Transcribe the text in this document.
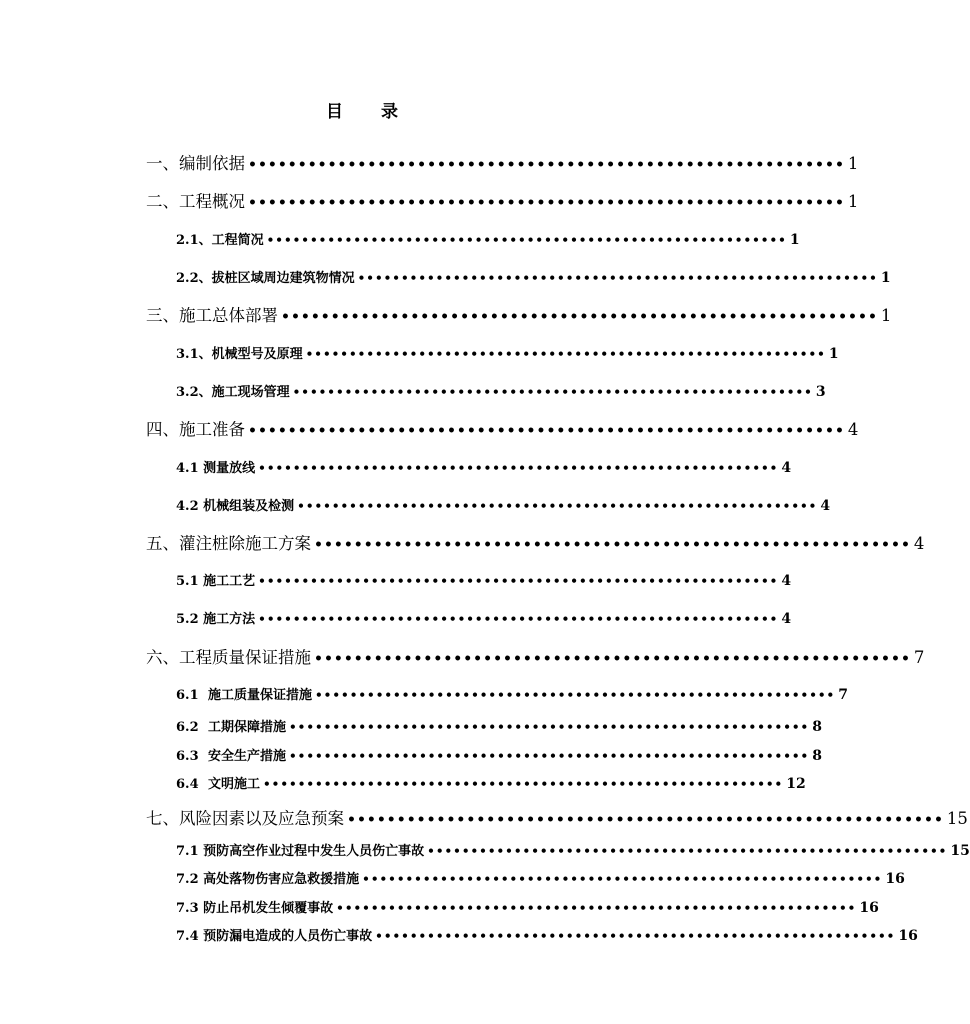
目 录
一、编制依据 •••••••••••••••••••••••••••••••••••••••••••••••••••••••••••• 1
二、工程概况 •••••••••••••••••••••••••••••••••••••••••••••••••••••••••••• 1
2.1、工程简况 •••••••••••••••••••••••••••••••••••••••••••••••••••••••••••• 1
2.2、拔桩区域周边建筑物情况 •••••••••••••••••••••••••••••••••••••••••••••••••••••••••••• 1
三、施工总体部署 •••••••••••••••••••••••••••••••••••••••••••••••••••••••••••• 1
3.1、机械型号及原理 •••••••••••••••••••••••••••••••••••••••••••••••••••••••••••• 1
3.2、施工现场管理 •••••••••••••••••••••••••••••••••••••••••••••••••••••••••••• 3
四、施工准备 •••••••••••••••••••••••••••••••••••••••••••••••••••••••••••• 4
4.1 测量放线 •••••••••••••••••••••••••••••••••••••••••••••••••••••••••••• 4
4.2 机械组装及检测 •••••••••••••••••••••••••••••••••••••••••••••••••••••••••••• 4
五、灌注桩除施工方案 •••••••••••••••••••••••••••••••••••••••••••••••••••••••••••• 4
5.1 施工工艺 •••••••••••••••••••••••••••••••••••••••••••••••••••••••••••• 4
5.2 施工方法 •••••••••••••••••••••••••••••••••••••••••••••••••••••••••••• 4
六、工程质量保证措施 •••••••••••••••••••••••••••••••••••••••••••••••••••••••••••• 7
6.1 施工质量保证措施 •••••••••••••••••••••••••••••••••••••••••••••••••••••••••••• 7
6.2 工期保障措施 •••••••••••••••••••••••••••••••••••••••••••••••••••••••••••• 8
6.3 安全生产措施 •••••••••••••••••••••••••••••••••••••••••••••••••••••••••••• 8
6.4 文明施工 •••••••••••••••••••••••••••••••••••••••••••••••••••••••••••• 12
七、风险因素以及应急预案 •••••••••••••••••••••••••••••••••••••••••••••••••••••••••••• 15
7.1 预防高空作业过程中发生人员伤亡事故 •••••••••••••••••••••••••••••••••••••••••••••••••••••••••••• 15
7.2 高处落物伤害应急救援措施 •••••••••••••••••••••••••••••••••••••••••••••••••••••••••••• 16
7.3 防止吊机发生倾覆事故 •••••••••••••••••••••••••••••••••••••••••••••••••••••••••••• 16
7.4 预防漏电造成的人员伤亡事故 •••••••••••••••••••••••••••••••••••••••••••••••••••••••••••• 16
